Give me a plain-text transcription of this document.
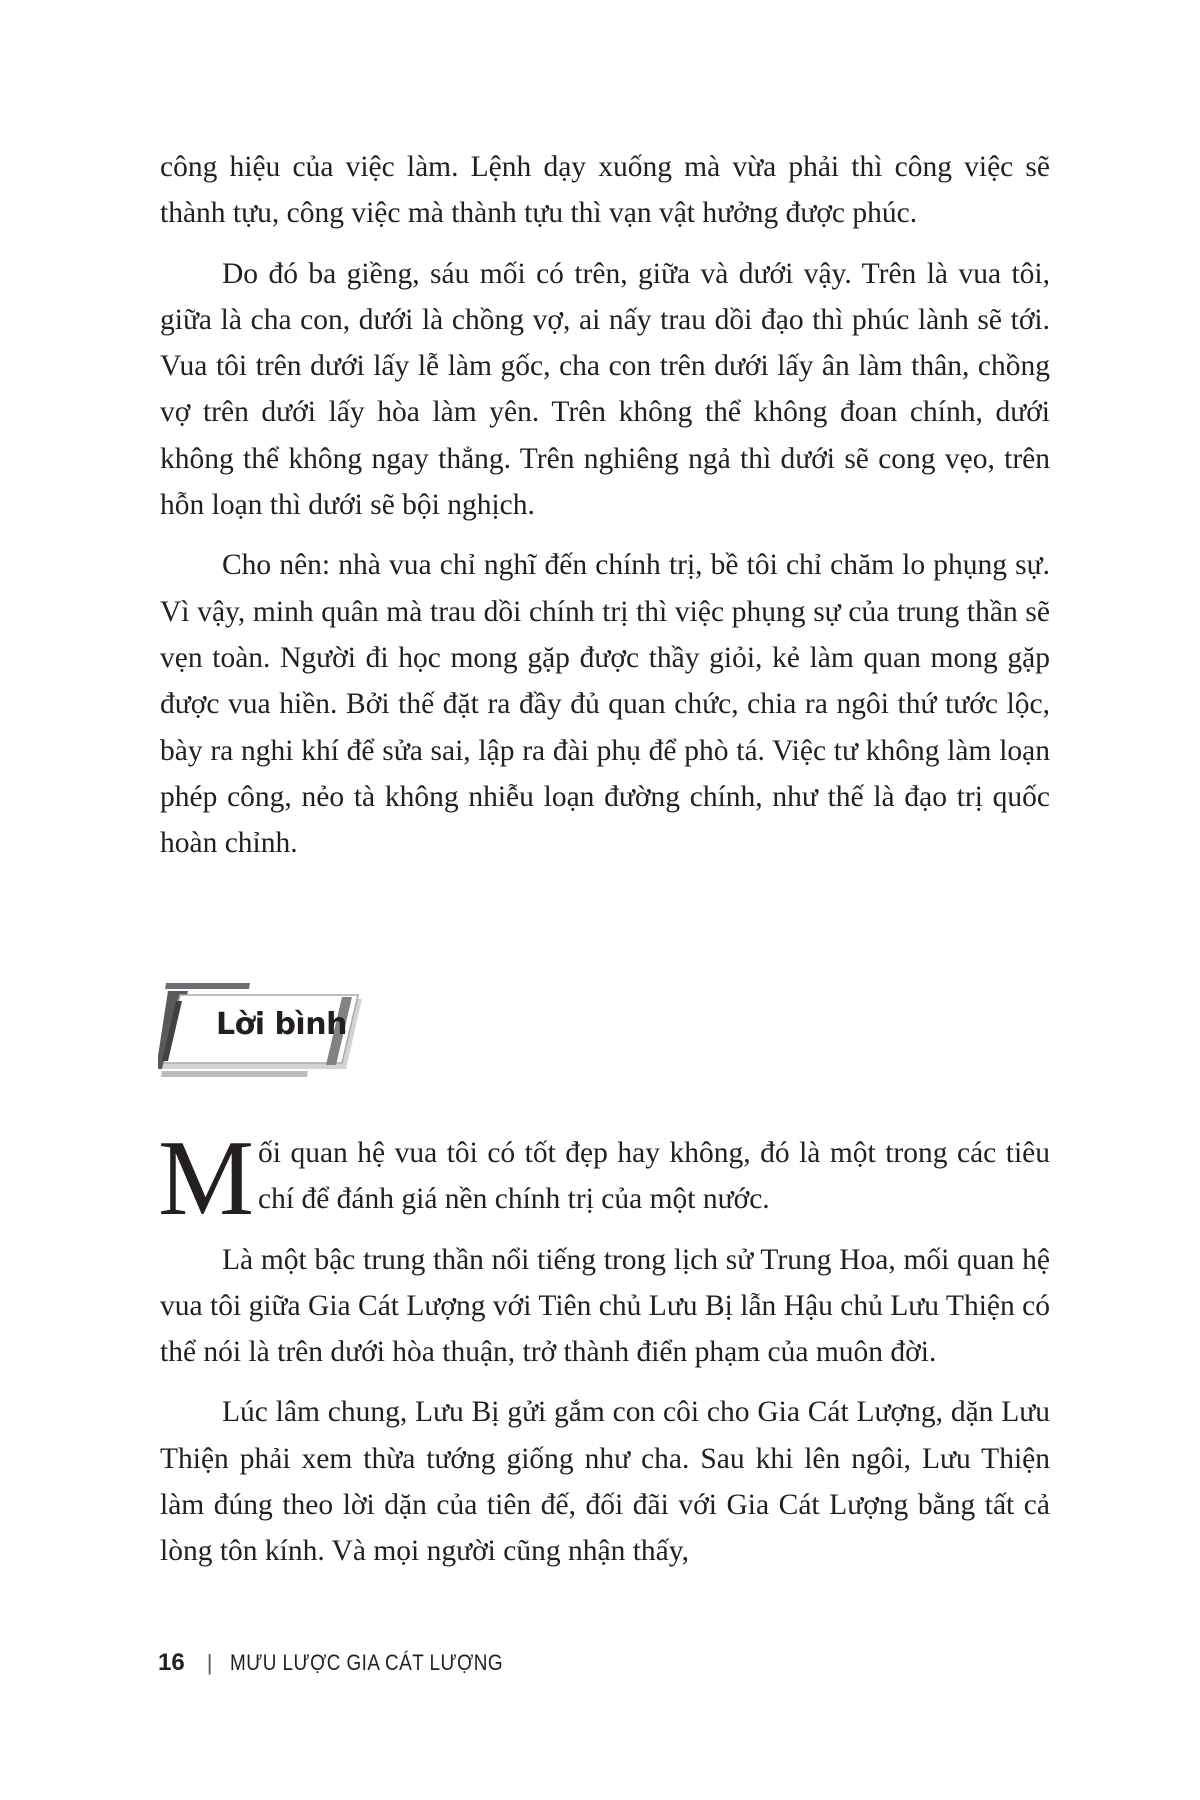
công hiệu của việc làm. Lệnh dạy xuống mà vừa phải thì công việc sẽ thành tựu, công việc mà thành tựu thì vạn vật hưởng được phúc.

Do đó ba giềng, sáu mối có trên, giữa và dưới vậy. Trên là vua tôi, giữa là cha con, dưới là chồng vợ, ai nấy trau dồi đạo thì phúc lành sẽ tới. Vua tôi trên dưới lấy lễ làm gốc, cha con trên dưới lấy ân làm thân, chồng vợ trên dưới lấy hòa làm yên. Trên không thể không đoan chính, dưới không thể không ngay thẳng. Trên nghiêng ngả thì dưới sẽ cong vẹo, trên hỗn loạn thì dưới sẽ bội nghịch.

Cho nên: nhà vua chỉ nghĩ đến chính trị, bề tôi chỉ chăm lo phụng sự. Vì vậy, minh quân mà trau dồi chính trị thì việc phụng sự của trung thần sẽ vẹn toàn. Người đi học mong gặp được thầy giỏi, kẻ làm quan mong gặp được vua hiền. Bởi thế đặt ra đầy đủ quan chức, chia ra ngôi thứ tước lộc, bày ra nghi khí để sửa sai, lập ra đài phụ để phò tá. Việc tư không làm loạn phép công, nẻo tà không nhiễu loạn đường chính, như thế là đạo trị quốc hoàn chỉnh.

Lời bình

Mối quan hệ vua tôi có tốt đẹp hay không, đó là một trong các tiêu chí để đánh giá nền chính trị của một nước.

Là một bậc trung thần nổi tiếng trong lịch sử Trung Hoa, mối quan hệ vua tôi giữa Gia Cát Lượng với Tiên chủ Lưu Bị lẫn Hậu chủ Lưu Thiện có thể nói là trên dưới hòa thuận, trở thành điển phạm của muôn đời.

Lúc lâm chung, Lưu Bị gửi gắm con côi cho Gia Cát Lượng, dặn Lưu Thiện phải xem thừa tướng giống như cha. Sau khi lên ngôi, Lưu Thiện làm đúng theo lời dặn của tiên đế, đối đãi với Gia Cát Lượng bằng tất cả lòng tôn kính. Và mọi người cũng nhận thấy,

16 | MƯU LƯỢC GIA CÁT LƯỢNG
